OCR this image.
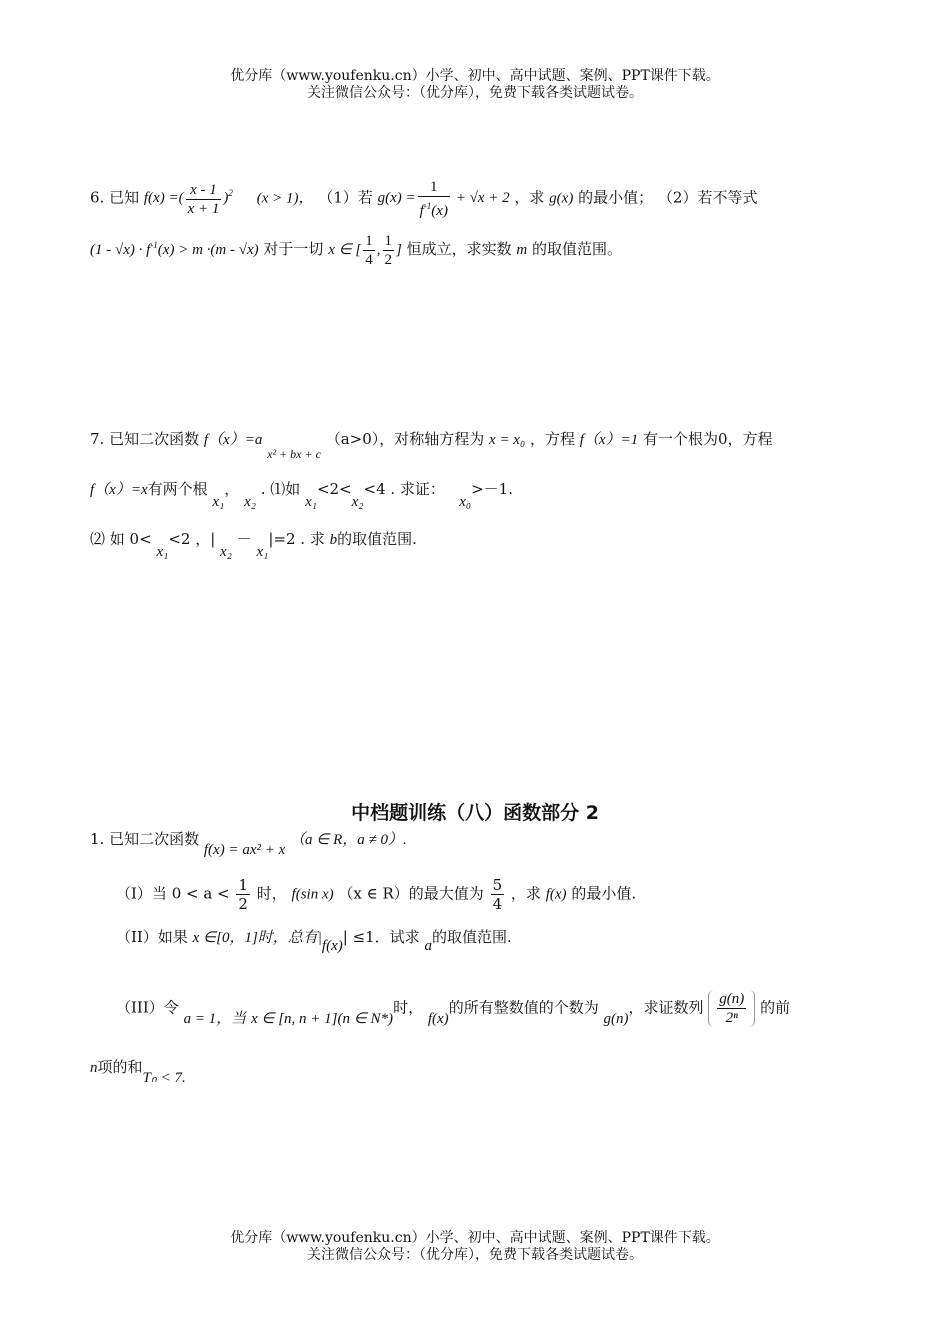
优分库（www.youfenku.cn）小学、初中、高中试题、案例、PPT课件下载。
关注微信公众号：（优分库），免费下载各类试题试卷。
6. 已知 f(x) =( $\frac{x - 1}{x + 1} )^2$ (x > 1)， （1）若 $g(x) = \frac{1}{f^{-1}(x)} + √x + 2$ ，求 g(x) 的最小值； （2）若不等式
$(1 - √x) \cdot f^{-1}(x) > m \cdot(m - √x)$ 对于一切 x ∈ [ $\frac{1}{4}$ , $\frac{1}{2}$ ] 恒成立，求实数 m 的取值范围。
7. 已知二次函数 f（x）=a $_{x^2 + bx + c}$ （a>0），对称轴方程为 x = x₀ ，方程 f（x）=1 有一个根为0，方程
f（x）=x有两个根 x₁， x₂ . ⑴如 x₁<2<x₂<4 . 求证：   x₀>－1.
⑵ 如 0< x₁<2 ，| x₂ － x₁|=2 . 求 b的取值范围.
中档题训练（八）函数部分 2
1. 已知二次函数 f(x) = ax² + x （a ∈ R，a ≠ 0）.
（Ⅰ）当 $0 < a < \frac{1}{2}$ 时， f(sin x) （x ∈ R）的最大值为 $\frac{5}{4}$ ，求 f(x) 的最小值.
（II）如果 x ∈[0，1]时，总有|f(x)| ≤1．试求 a的取值范围.
（III）令 a = 1，当 x ∈ [n, n + 1](n ∈ N*)时， f(x)的所有整数值的个数为 g(n)，求证数列 $\frac{g(n)}{\text{2ⁿ}}$ 的前
n项的和Tₙ < 7.
优分库（www.youfenku.cn）小学、初中、高中试题、案例、PPT课件下载。
关注微信公众号：（优分库），免费下载各类试题试卷。
